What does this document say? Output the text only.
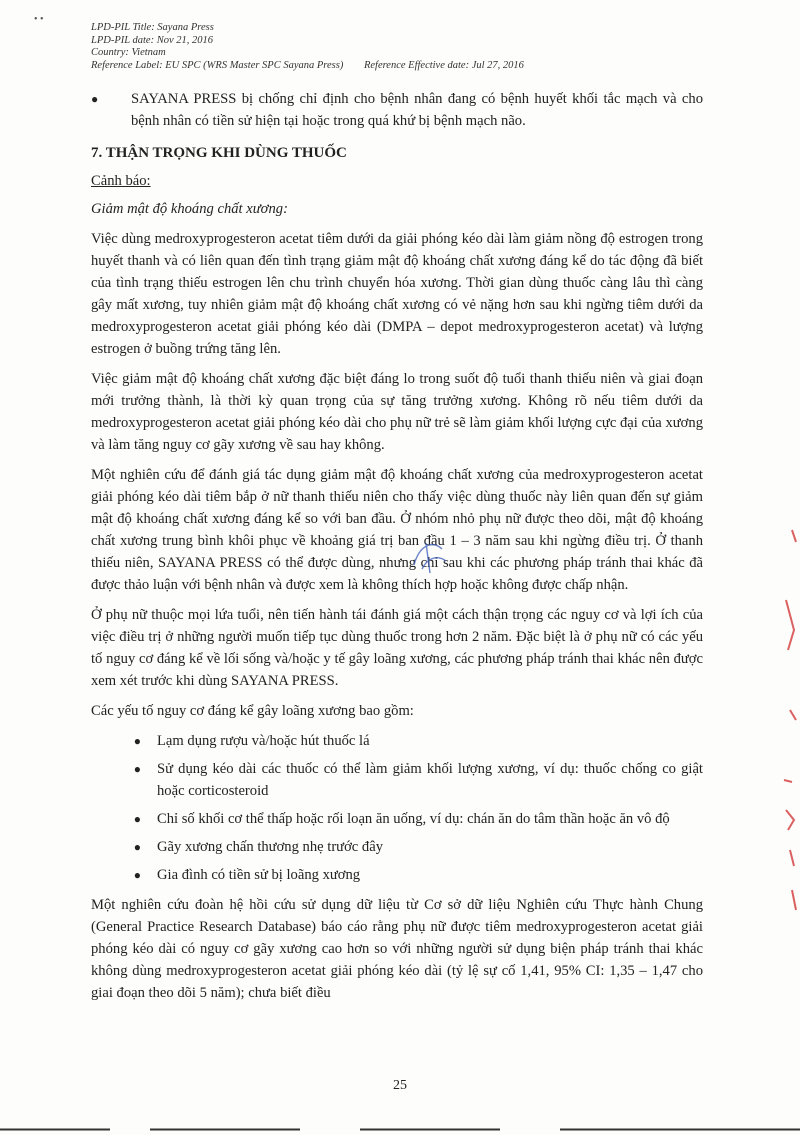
• •
LPD-PIL Title: Sayana Press
LPD-PIL date: Nov 21, 2016
Country: Vietnam
Reference Label: EU SPC (WRS Master SPC Sayana Press) Reference Effective date: Jul 27, 2016
●	SAYANA PRESS bị chống chỉ định cho bệnh nhân đang có bệnh huyết khối tắc mạch và cho bệnh nhân có tiền sử hiện tại hoặc trong quá khứ bị bệnh mạch não.

7. THẬN TRỌNG KHI DÙNG THUỐC
Cảnh báo:
Giảm mật độ khoáng chất xương:

Việc dùng medroxyprogesteron acetat tiêm dưới da giải phóng kéo dài làm giảm nồng độ estrogen trong huyết thanh và có liên quan đến tình trạng giảm mật độ khoáng chất xương đáng kể do tác động đã biết của tình trạng thiếu estrogen lên chu trình chuyển hóa xương. Thời gian dùng thuốc càng lâu thì càng gây mất xương, tuy nhiên giảm mật độ khoáng chất xương có vẻ nặng hơn sau khi ngừng tiêm dưới da medroxyprogesteron acetat giải phóng kéo dài (DMPA – depot medroxyprogesteron acetat) và lượng estrogen ở buồng trứng tăng lên.

Việc giảm mật độ khoáng chất xương đặc biệt đáng lo trong suốt độ tuổi thanh thiếu niên và giai đoạn mới trưởng thành, là thời kỳ quan trọng của sự tăng trưởng xương. Không rõ nếu tiêm dưới da medroxyprogesteron acetat giải phóng kéo dài cho phụ nữ trẻ sẽ làm giảm khối lượng cực đại của xương và làm tăng nguy cơ gãy xương về sau hay không.

Một nghiên cứu để đánh giá tác dụng giảm mật độ khoáng chất xương của medroxyprogesteron acetat giải phóng kéo dài tiêm bắp ở nữ thanh thiếu niên cho thấy việc dùng thuốc này liên quan đến sự giảm mật độ khoáng chất xương đáng kể so với ban đầu. Ở nhóm nhỏ phụ nữ được theo dõi, mật độ khoáng chất xương trung bình khôi phục về khoảng giá trị ban đầu 1 – 3 năm sau khi ngừng điều trị. Ở thanh thiếu niên, SAYANA PRESS có thể được dùng, nhưng chỉ sau khi các phương pháp tránh thai khác đã được thảo luận với bệnh nhân và được xem là không thích hợp hoặc không được chấp nhận.

Ở phụ nữ thuộc mọi lứa tuổi, nên tiến hành tái đánh giá một cách thận trọng các nguy cơ và lợi ích của việc điều trị ở những người muốn tiếp tục dùng thuốc trong hơn 2 năm. Đặc biệt là ở phụ nữ có các yếu tố nguy cơ đáng kể về lối sống và/hoặc y tế gây loãng xương, các phương pháp tránh thai khác nên được xem xét trước khi dùng SAYANA PRESS.

Các yếu tố nguy cơ đáng kể gây loãng xương bao gồm:

●	Lạm dụng rượu và/hoặc hút thuốc lá
●	Sử dụng kéo dài các thuốc có thể làm giảm khối lượng xương, ví dụ: thuốc chống co giật hoặc corticosteroid
●	Chỉ số khối cơ thể thấp hoặc rối loạn ăn uống, ví dụ: chán ăn do tâm thần hoặc ăn vô độ
●	Gãy xương chấn thương nhẹ trước đây
●	Gia đình có tiền sử bị loãng xương

Một nghiên cứu đoàn hệ hồi cứu sử dụng dữ liệu từ Cơ sở dữ liệu Nghiên cứu Thực hành Chung (General Practice Research Database) báo cáo rằng phụ nữ được tiêm medroxyprogesteron acetat giải phóng kéo dài có nguy cơ gãy xương cao hơn so với những người sử dụng biện pháp tránh thai khác không dùng medroxyprogesteron acetat giải phóng kéo dài (tỷ lệ sự cố 1,41, 95% CI: 1,35 – 1,47 cho giai đoạn theo dõi 5 năm); chưa biết điều

25
